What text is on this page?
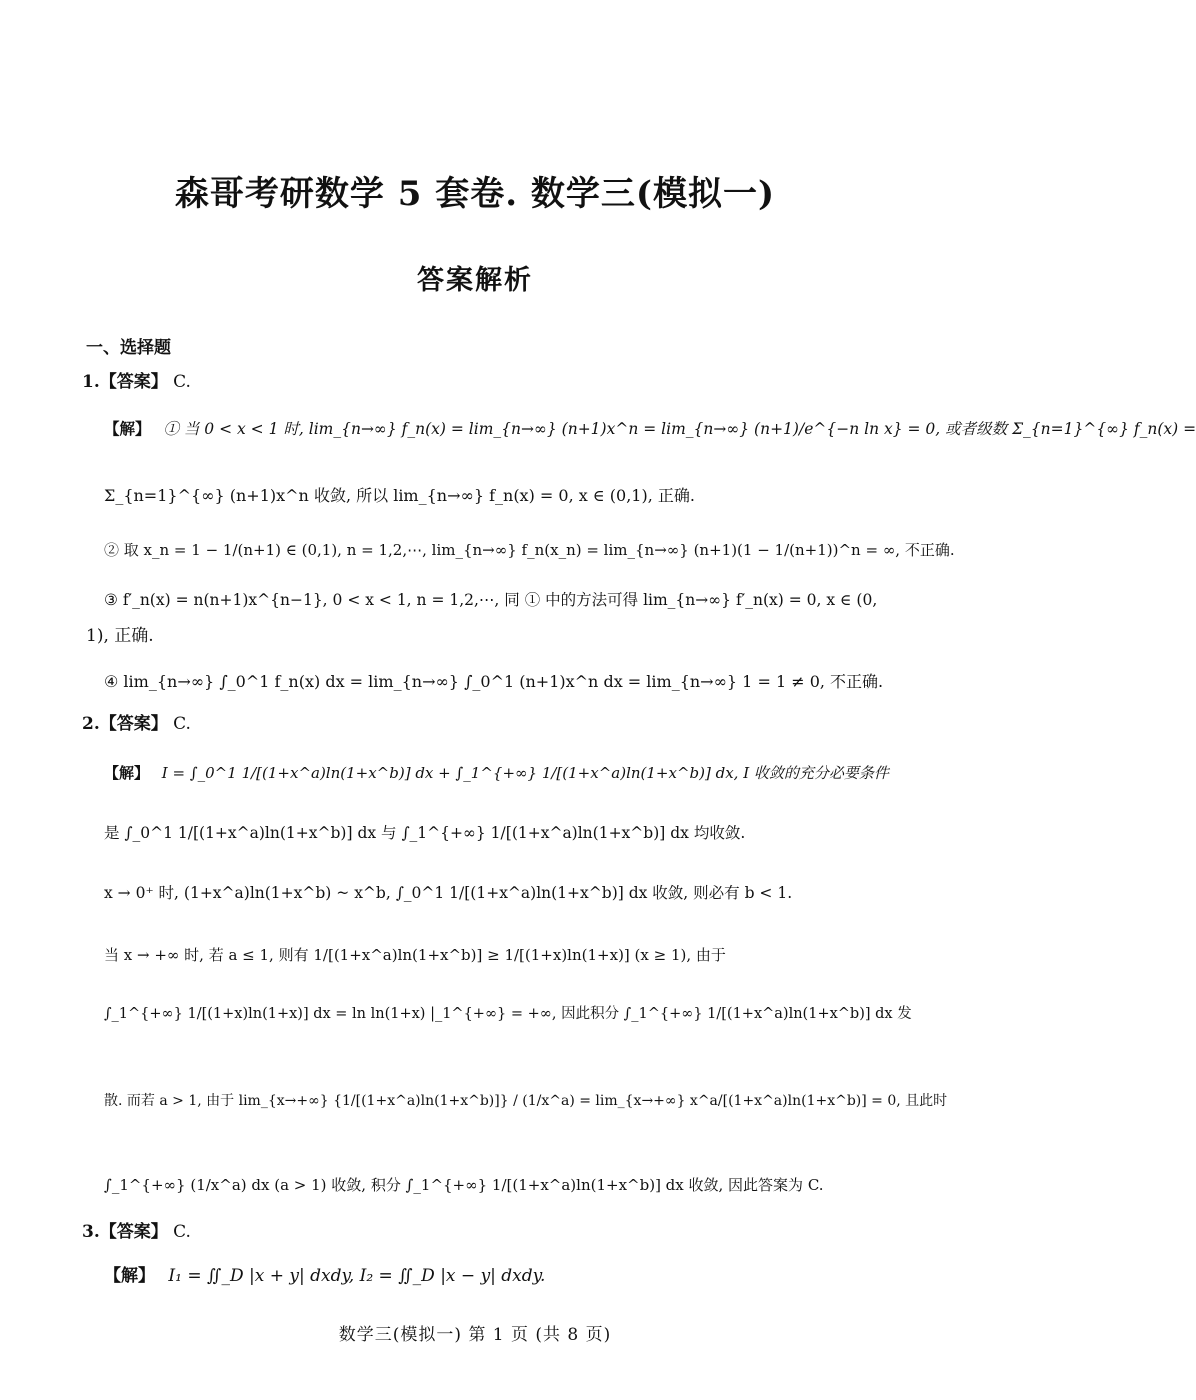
森哥考研数学 5 套卷. 数学三(模拟一)
答案解析
一、选择题
1.【答案】 C.
【解】 ① 当 0 < x < 1 时, lim_{n→∞} f_n(x) = lim_{n→∞} (n+1)x^n = lim_{n→∞} (n+1)/e^{−n ln x} = 0, 或者级数 Σ_{n=1}^{∞} f_n(x) =
Σ_{n=1}^{∞} (n+1)x^n 收敛, 所以 lim_{n→∞} f_n(x) = 0, x ∈ (0,1), 正确.
② 取 x_n = 1 − 1/(n+1) ∈ (0,1), n = 1,2,⋯, lim_{n→∞} f_n(x_n) = lim_{n→∞} (n+1)(1 − 1/(n+1))^n = ∞, 不正确.
③ f′_n(x) = n(n+1)x^{n−1}, 0 < x < 1, n = 1,2,⋯, 同 ① 中的方法可得 lim_{n→∞} f′_n(x) = 0, x ∈ (0,
1), 正确.
④ lim_{n→∞} ∫_0^1 f_n(x) dx = lim_{n→∞} ∫_0^1 (n+1)x^n dx = lim_{n→∞} 1 = 1 ≠ 0, 不正确.
2.【答案】 C.
【解】 I = ∫_0^1 1/[(1+x^a)ln(1+x^b)] dx + ∫_1^{+∞} 1/[(1+x^a)ln(1+x^b)] dx, I 收敛的充分必要条件
是 ∫_0^1 1/[(1+x^a)ln(1+x^b)] dx 与 ∫_1^{+∞} 1/[(1+x^a)ln(1+x^b)] dx 均收敛.
x → 0⁺ 时, (1+x^a)ln(1+x^b) ~ x^b, ∫_0^1 1/[(1+x^a)ln(1+x^b)] dx 收敛, 则必有 b < 1.
当 x → +∞ 时, 若 a ≤ 1, 则有 1/[(1+x^a)ln(1+x^b)] ≥ 1/[(1+x)ln(1+x)] (x ≥ 1), 由于
∫_1^{+∞} 1/[(1+x)ln(1+x)] dx = ln ln(1+x) |_1^{+∞} = +∞, 因此积分 ∫_1^{+∞} 1/[(1+x^a)ln(1+x^b)] dx 发
散. 而若 a > 1, 由于 lim_{x→+∞} {1/[(1+x^a)ln(1+x^b)]} / (1/x^a) = lim_{x→+∞} x^a/[(1+x^a)ln(1+x^b)] = 0, 且此时
∫_1^{+∞} (1/x^a) dx (a > 1) 收敛, 积分 ∫_1^{+∞} 1/[(1+x^a)ln(1+x^b)] dx 收敛, 因此答案为 C.
3.【答案】 C.
【解】 I₁ = ∬_D |x + y| dxdy, I₂ = ∬_D |x − y| dxdy.
数学三(模拟一) 第 1 页 (共 8 页)
